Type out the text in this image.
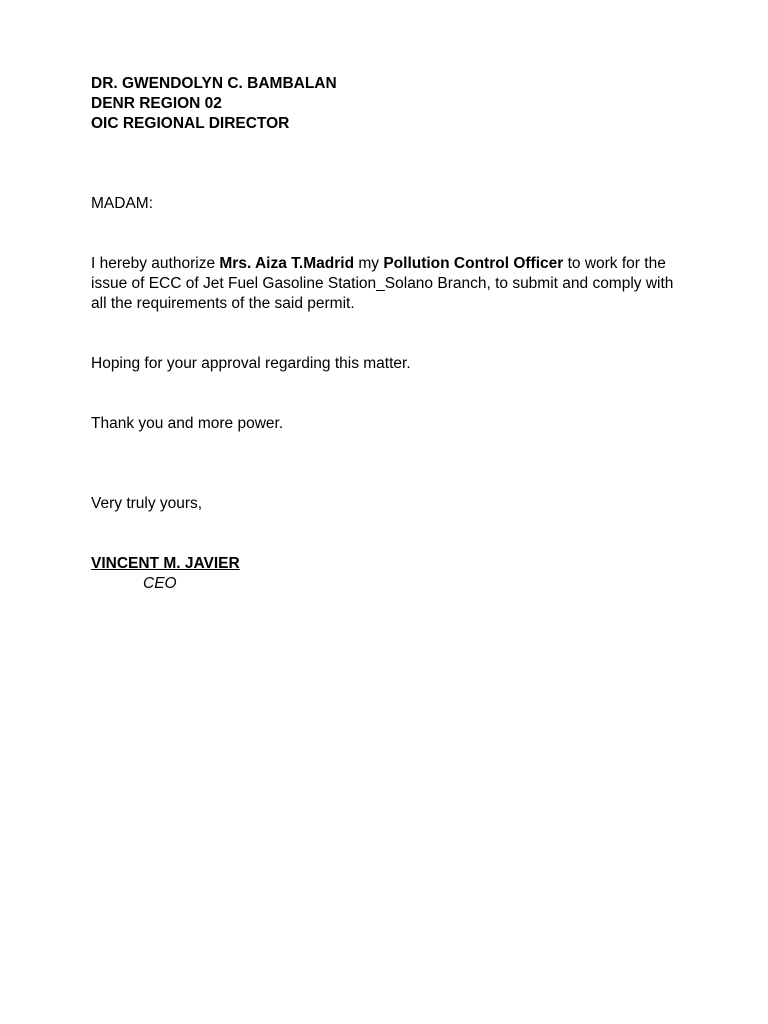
DR. GWENDOLYN C. BAMBALAN
DENR REGION 02
OIC REGIONAL DIRECTOR
MADAM:
I hereby authorize Mrs. Aiza T.Madrid my Pollution Control Officer to work for the issue of ECC of Jet Fuel Gasoline Station_Solano Branch, to submit and comply with all the requirements of the said permit.
Hoping for your approval regarding this matter.
Thank you and more power.
Very truly yours,
VINCENT M. JAVIER
CEO
